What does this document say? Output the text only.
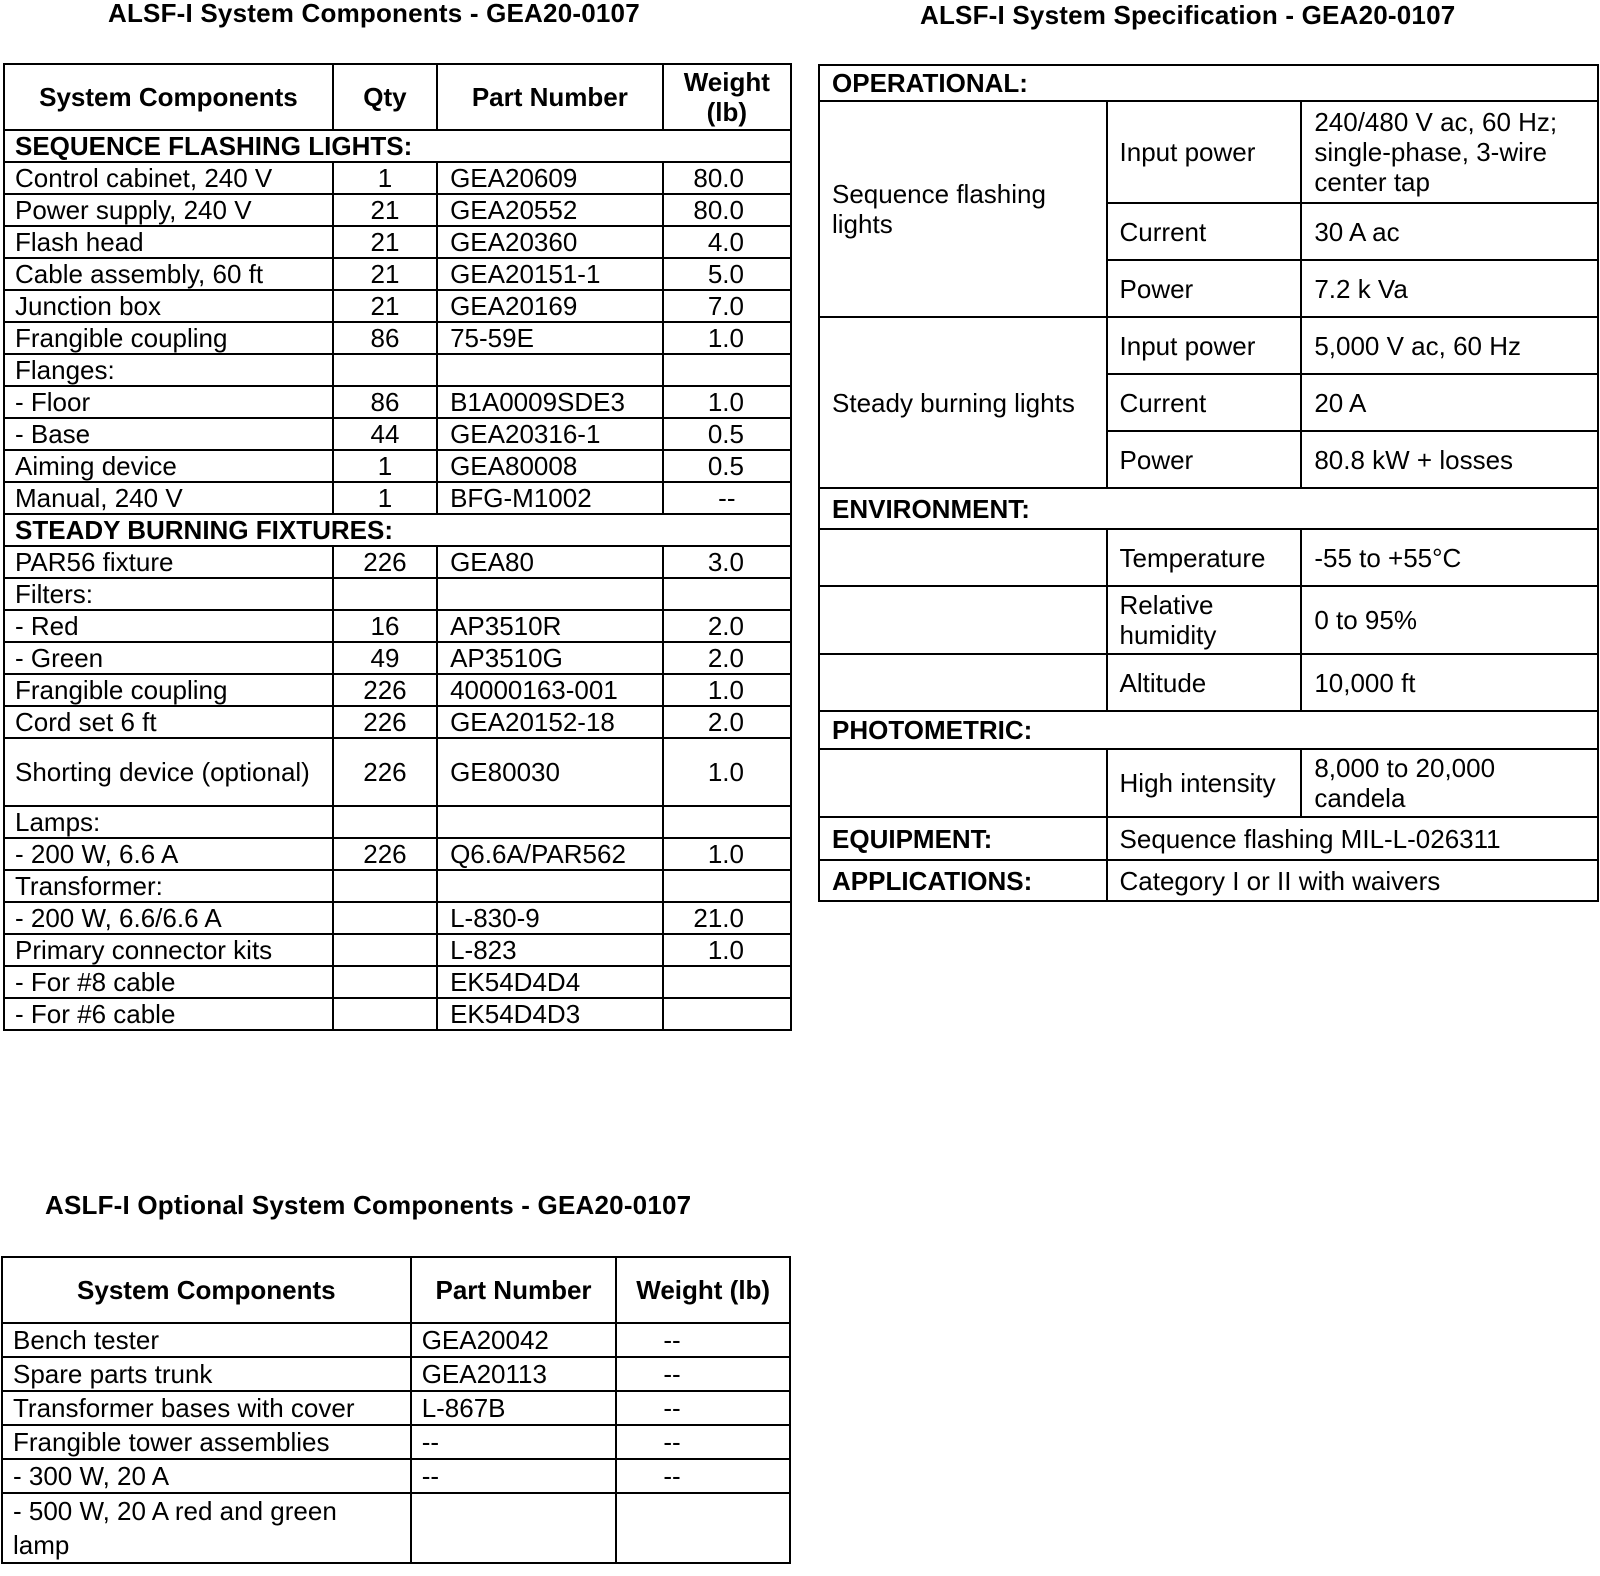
ALSF-I System Components - GEA20-0107
System Components	Qty	Part Number	Weight (lb)
SEQUENCE FLASHING LIGHTS:			
Control cabinet, 240 V	1	GEA20609	80.0
Power supply, 240 V	21	GEA20552	80.0
Flash head	21	GEA20360	4.0
Cable assembly, 60 ft	21	GEA20151-1	5.0
Junction box	21	GEA20169	7.0
Frangible coupling	86	75-59E	1.0
Flanges:			
- Floor	86	B1A0009SDE3	1.0
- Base	44	GEA20316-1	0.5
Aiming device	1	GEA80008	0.5
Manual, 240 V	1	BFG-M1002	--
STEADY BURNING FIXTURES:			
PAR56 fixture	226	GEA80	3.0
Filters:			
- Red	16	AP3510R	2.0
- Green	49	AP3510G	2.0
Frangible coupling	226	40000163-001	1.0
Cord set 6 ft	226	GEA20152-18	2.0
Shorting device (optional)	226	GE80030	1.0
Lamps:			
- 200 W, 6.6 A	226	Q6.6A/PAR562	1.0
Transformer:			
- 200 W, 6.6/6.6 A		L-830-9	21.0
Primary connector kits		L-823	1.0
- For #8 cable		EK54D4D4	
- For #6 cable		EK54D4D3	
ALSF-I System Specification - GEA20-0107
OPERATIONAL:		
Sequence flashing lights	Input power	240/480 V ac, 60 Hz; single-phase, 3-wire center tap
	Current	30 A ac
	Power	7.2 k Va
Steady burning lights	Input power	5,000 V ac, 60 Hz
	Current	20 A
	Power	80.8 kW + losses
ENVIRONMENT:		
	Temperature	-55 to +55°C
	Relative humidity	0 to 95%
	Altitude	10,000 ft
PHOTOMETRIC:		
	High intensity	8,000 to 20,000 candela
EQUIPMENT:	Sequence flashing MIL-L-026311	
APPLICATIONS:	Category I or II with waivers	
ASLF-I Optional System Components - GEA20-0107
System Components	Part Number	Weight (lb)
Bench tester	GEA20042	--
Spare parts trunk	GEA20113	--
Transformer bases with cover	L-867B	--
Frangible tower assemblies	--	--
- 300 W, 20 A	--	--
- 500 W, 20 A red and green lamp		
